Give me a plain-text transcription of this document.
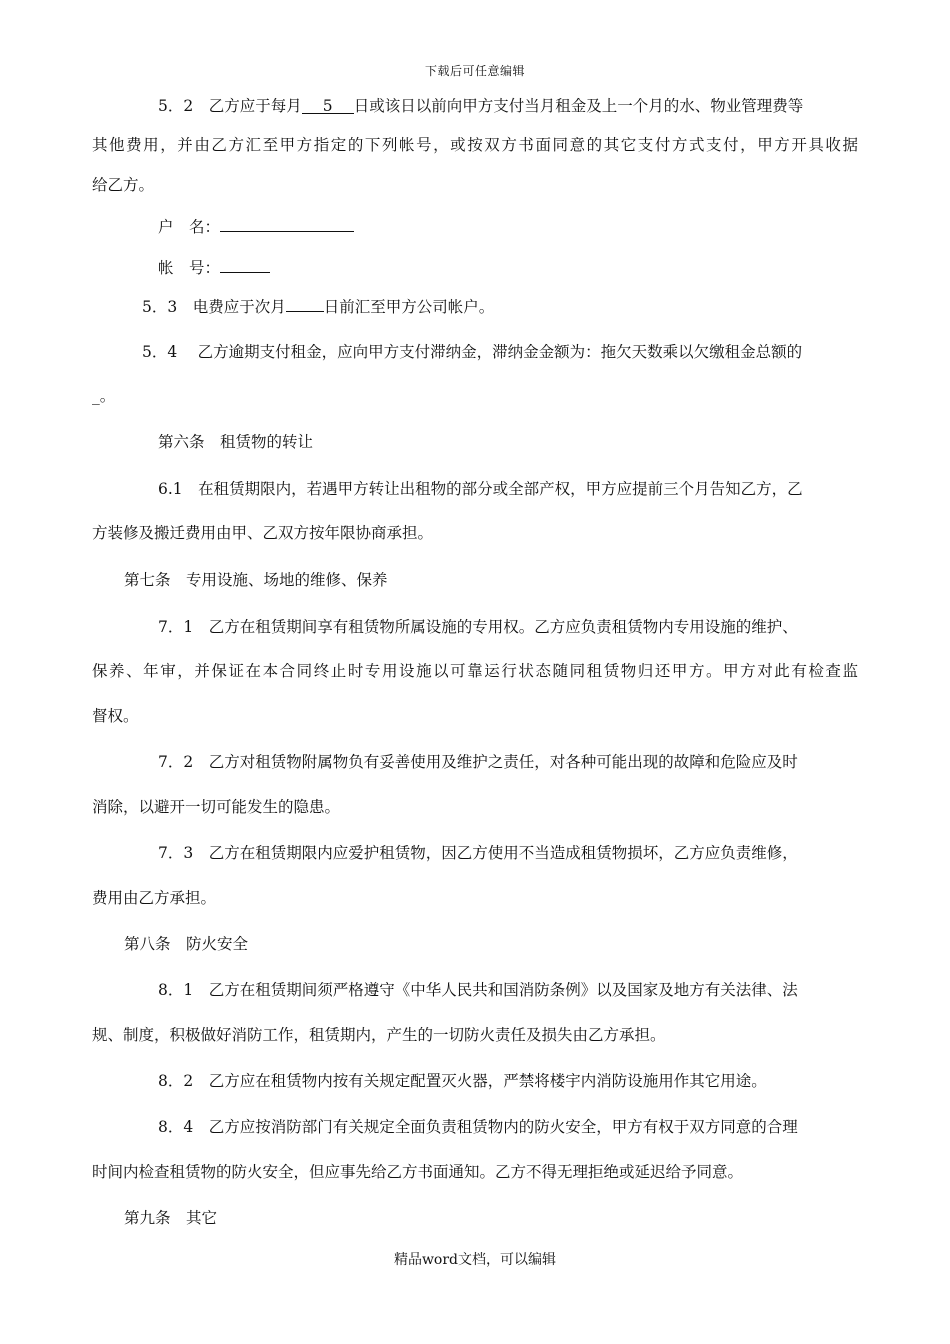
下载后可任意编辑
5．2　乙方应于每月 5 日或该日以前向甲方支付当月租金及上一个月的水、物业管理费等
其他费用，并由乙方汇至甲方指定的下列帐号，或按双方书面同意的其它支付方式支付，甲方开具收据
给乙方。
户　名：
帐　号：
5．3　电费应于次月 日前汇至甲方公司帐户。
5．4　 乙方逾期支付租金，应向甲方支付滞纳金，滞纳金金额为：拖欠天数乘以欠缴租金总额的
_。
第六条　租赁物的转让
6.1　在租赁期限内，若遇甲方转让出租物的部分或全部产权，甲方应提前三个月告知乙方，乙
方装修及搬迁费用由甲、乙双方按年限协商承担。
第七条　专用设施、场地的维修、保养
7．1　乙方在租赁期间享有租赁物所属设施的专用权。乙方应负责租赁物内专用设施的维护、
保养、年审，并保证在本合同终止时专用设施以可靠运行状态随同租赁物归还甲方。甲方对此有检查监
督权。
7．2　乙方对租赁物附属物负有妥善使用及维护之责任，对各种可能出现的故障和危险应及时
消除，以避开一切可能发生的隐患。
7．3　乙方在租赁期限内应爱护租赁物，因乙方使用不当造成租赁物损坏，乙方应负责维修，
费用由乙方承担。
第八条　防火安全
8．1　乙方在租赁期间须严格遵守《中华人民共和国消防条例》以及国家及地方有关法律、法
规、制度，积极做好消防工作，租赁期内，产生的一切防火责任及损失由乙方承担。
8．2　乙方应在租赁物内按有关规定配置灭火器，严禁将楼宇内消防设施用作其它用途。
8．4　乙方应按消防部门有关规定全面负责租赁物内的防火安全，甲方有权于双方同意的合理
时间内检查租赁物的防火安全，但应事先给乙方书面通知。乙方不得无理拒绝或延迟给予同意。
第九条　其它
精品word文档，可以编辑
